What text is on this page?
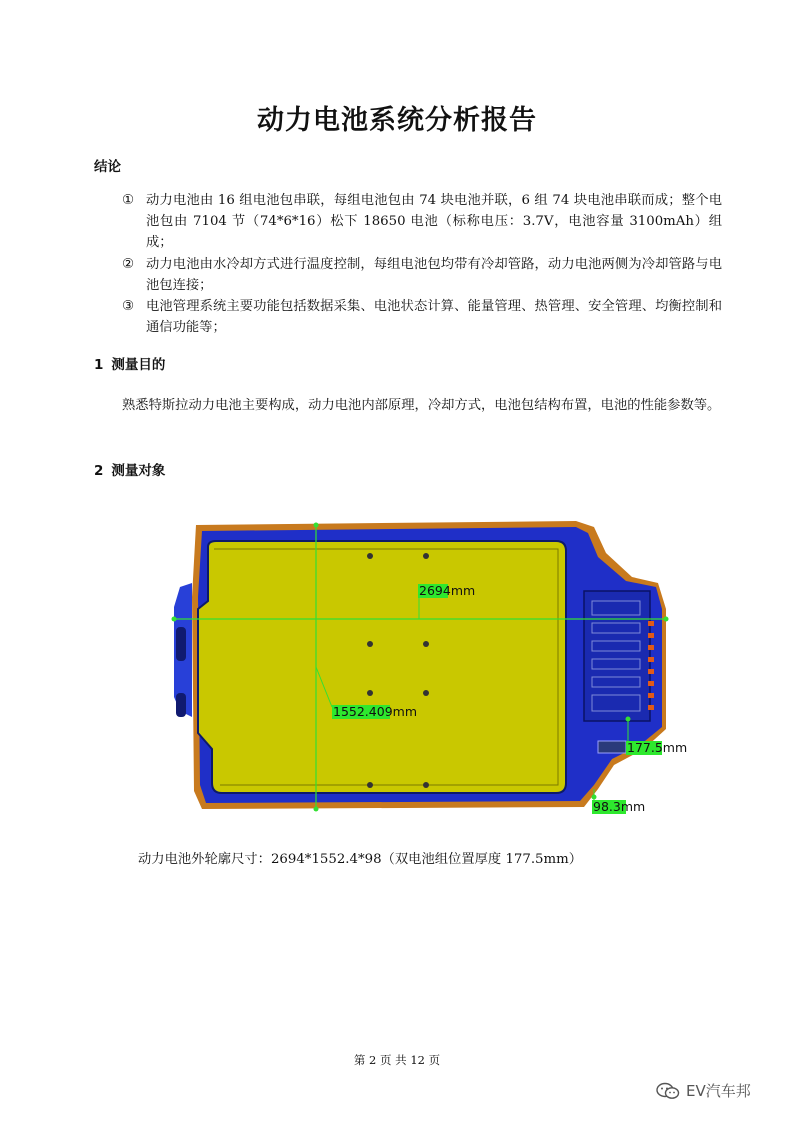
动力电池系统分析报告
结论
① 动力电池由 16 组电池包串联，每组电池包由 74 块电池并联，6 组 74 块电池串联而成；整个电池包由 7104 节（74*6*16）松下 18650 电池（标称电压：3.7V，电池容量 3100mAh）组成；
② 动力电池由水冷却方式进行温度控制，每组电池包均带有冷却管路，动力电池两侧为冷却管路与电池包连接；
③ 电池管理系统主要功能包括数据采集、电池状态计算、能量管理、热管理、安全管理、均衡控制和通信功能等；
1 测量目的
熟悉特斯拉动力电池主要构成，动力电池内部原理，冷却方式，电池包结构布置，电池的性能参数等。
2 测量对象
2694mm
1552.409mm
177.5mm
98.3mm
动力电池外轮廓尺寸：2694*1552.4*98（双电池组位置厚度 177.5mm）
第 2 页 共 12 页
EV汽车邦
